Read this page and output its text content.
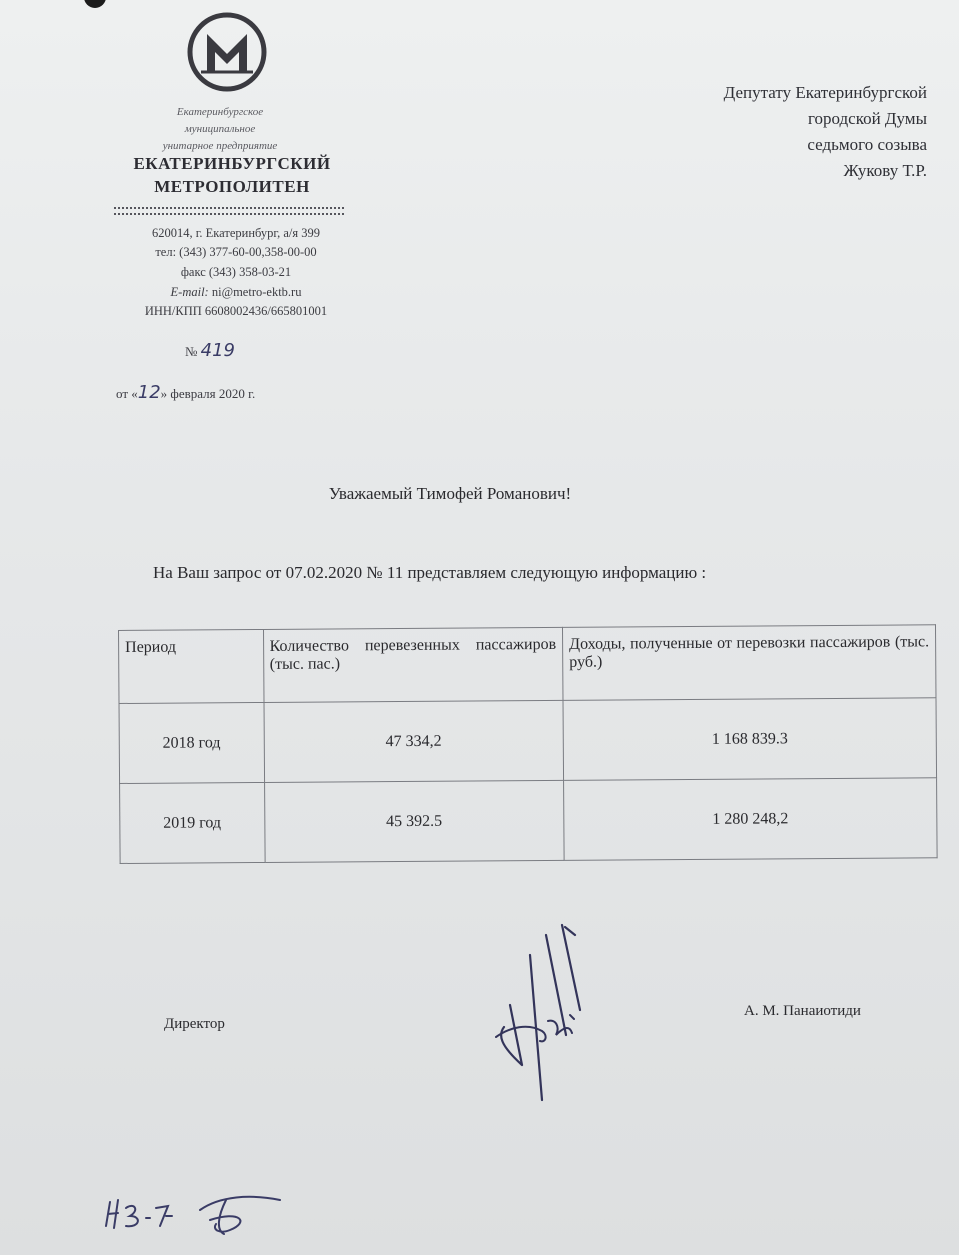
Екатеринбургское
муниципальное
унитарное предприятие
ЕКАТЕРИНБУРГСКИЙ
МЕТРОПОЛИТЕН
620014, г. Екатеринбург, а/я 399
тел: (343) 377-60-00,358-00-00
факс (343) 358-03-21
E-mail: ni@metro-ektb.ru
ИНН/КПП 6608002436/665801001
№ 419
от «12» февраля 2020 г.
Депутату Екатеринбургской
городской Думы
седьмого созыва
Жукову Т.Р.
Уважаемый Тимофей Романович!
На Ваш запрос от 07.02.2020 № 11 представляем следующую информацию :
Период	Количество перевезенных пассажиров (тыс. пас.)	Доходы, полученные от перевозки пассажиров (тыс. руб.)
2018 год	47 334,2	1 168 839.3
2019 год	45 392.5	1 280 248,2
Директор
А. М. Панаиотиди
